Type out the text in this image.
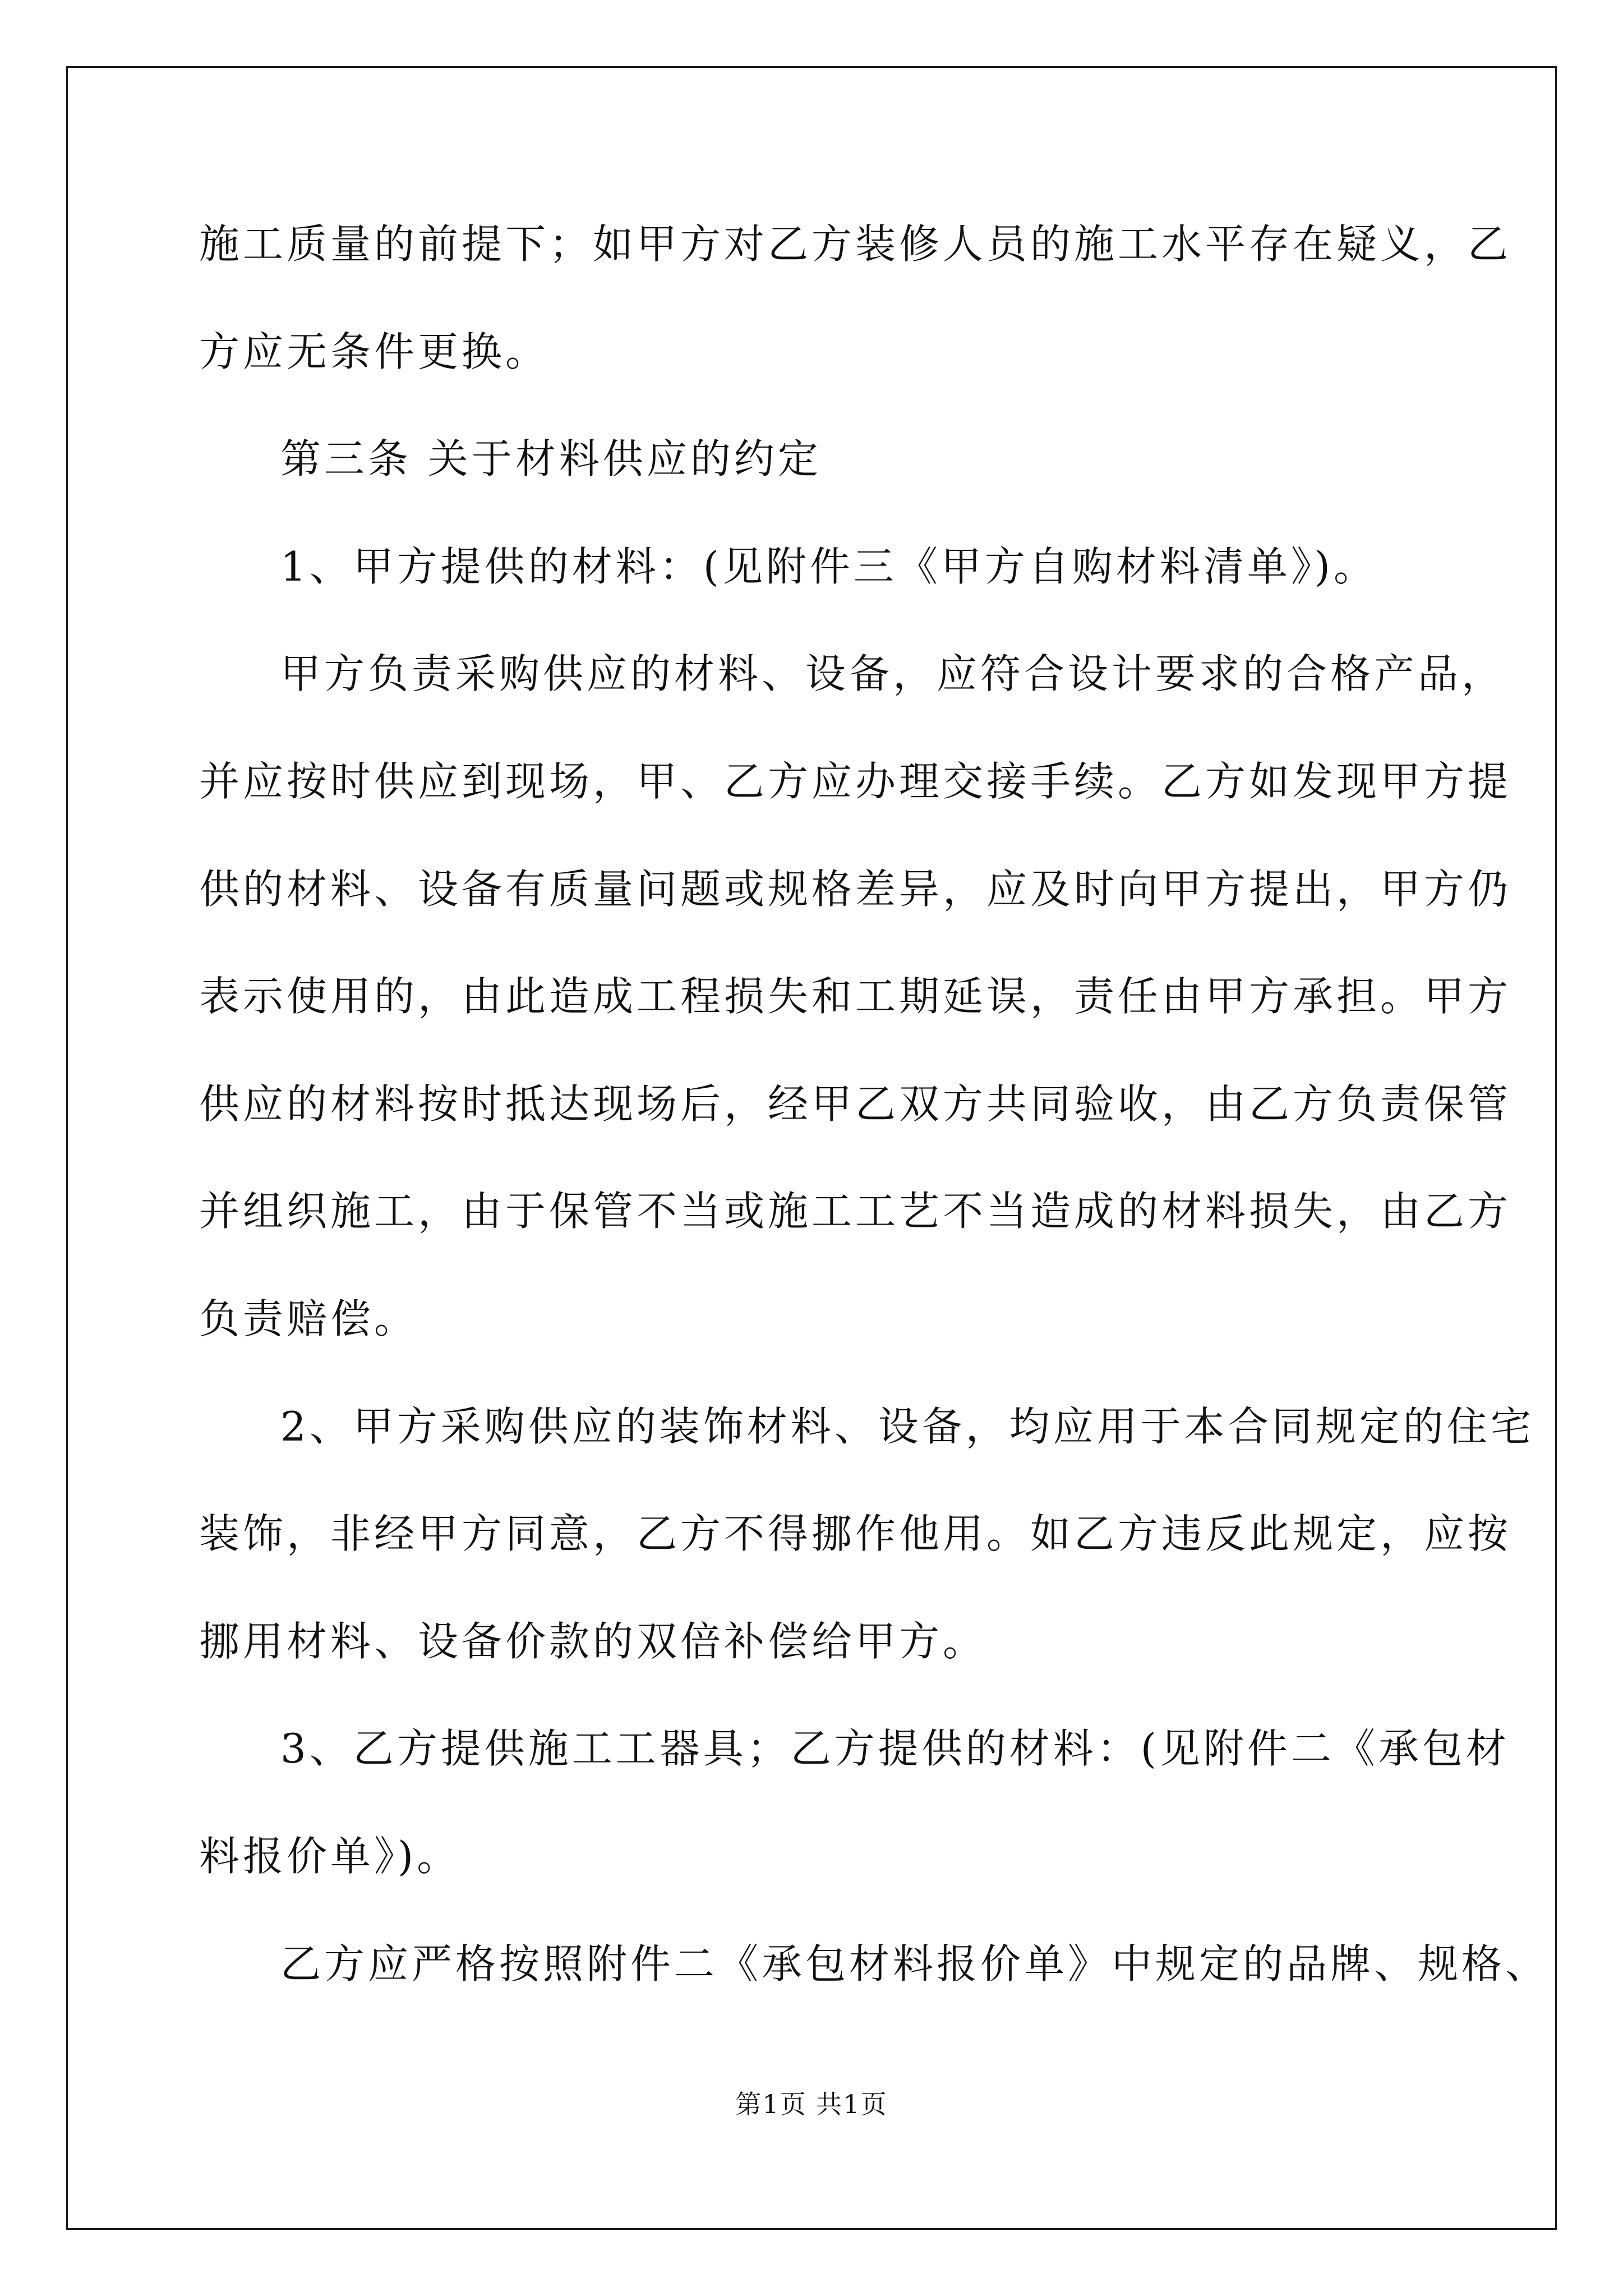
施工质量的前提下；如甲方对乙方装修人员的施工水平存在疑义，乙
方应无条件更换。
第三条 关于材料供应的约定
1、甲方提供的材料：(见附件三《甲方自购材料清单》)。
甲方负责采购供应的材料、设备，应符合设计要求的合格产品，
并应按时供应到现场，甲、乙方应办理交接手续。乙方如发现甲方提
供的材料、设备有质量问题或规格差异，应及时向甲方提出，甲方仍
表示使用的，由此造成工程损失和工期延误，责任由甲方承担。甲方
供应的材料按时抵达现场后，经甲乙双方共同验收，由乙方负责保管
并组织施工，由于保管不当或施工工艺不当造成的材料损失，由乙方
负责赔偿。
2、甲方采购供应的装饰材料、设备，均应用于本合同规定的住宅
装饰，非经甲方同意，乙方不得挪作他用。如乙方违反此规定，应按
挪用材料、设备价款的双倍补偿给甲方。
3、乙方提供施工工器具；乙方提供的材料：(见附件二《承包材
料报价单》)。
乙方应严格按照附件二《承包材料报价单》中规定的品牌、规格、
第1页 共1页
